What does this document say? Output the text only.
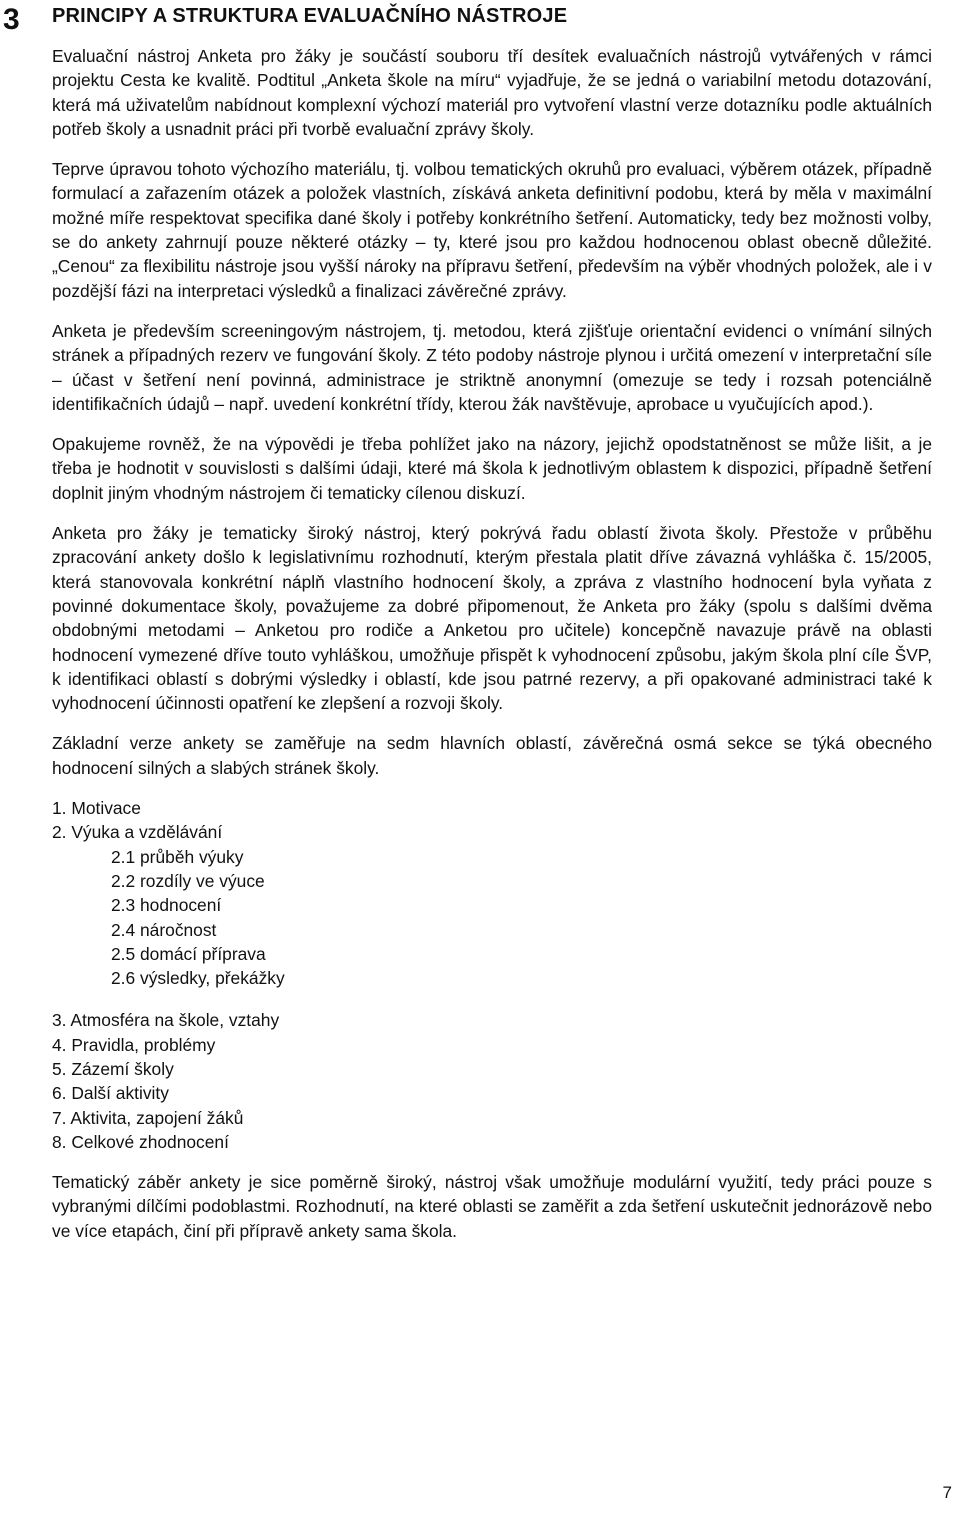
3 PRINCIPY A STRUKTURA EVALUAČNÍHO NÁSTROJE

Evaluační nástroj Anketa pro žáky je součástí souboru tří desítek evaluačních nástrojů vytvářených v rámci projektu Cesta ke kvalitě. Podtitul „Anketa škole na míru“ vyjadřuje, že se jedná o variabilní metodu dotazování, která má uživatelům nabídnout komplexní výchozí materiál pro vytvoření vlastní verze dotazníku podle aktuálních potřeb školy a usnadnit práci při tvorbě evaluační zprávy školy.

Teprve úpravou tohoto výchozího materiálu, tj. volbou tematických okruhů pro evaluaci, výběrem otázek, případně formulací a zařazením otázek a položek vlastních, získává anketa definitivní podobu, která by měla v maximální možné míře respektovat specifika dané školy i potřeby konkrétního šetření. Automaticky, tedy bez možnosti volby, se do ankety zahrnují pouze některé otázky – ty, které jsou pro každou hodnocenou oblast obecně důležité. „Cenou“ za flexibilitu nástroje jsou vyšší nároky na přípravu šetření, především na výběr vhodných položek, ale i v pozdější fázi na interpretaci výsledků a finalizaci závěrečné zprávy.

Anketa je především screeningovým nástrojem, tj. metodou, která zjišťuje orientační evidenci o vnímání silných stránek a případných rezerv ve fungování školy. Z této podoby nástroje plynou i určitá omezení v interpretační síle – účast v šetření není povinná, administrace je striktně anonymní (omezuje se tedy i rozsah potenciálně identifikačních údajů – např. uvedení konkrétní třídy, kterou žák navštěvuje, aprobace u vyučujících apod.).

Opakujeme rovněž, že na výpovědi je třeba pohlížet jako na názory, jejichž opodstatněnost se může lišit, a je třeba je hodnotit v souvislosti s dalšími údaji, které má škola k jednotlivým oblastem k dispozici, případně šetření doplnit jiným vhodným nástrojem či tematicky cílenou diskuzí.

Anketa pro žáky je tematicky široký nástroj, který pokrývá řadu oblastí života školy. Přestože v průběhu zpracování ankety došlo k legislativnímu rozhodnutí, kterým přestala platit dříve závazná vyhláška č. 15/2005, která stanovovala konkrétní náplň vlastního hodnocení školy, a zpráva z vlastního hodnocení byla vyňata z povinné dokumentace školy, považujeme za dobré připomenout, že Anketa pro žáky (spolu s dalšími dvěma obdobnými metodami – Anketou pro rodiče a Anketou pro učitele) koncepčně navazuje právě na oblasti hodnocení vymezené dříve touto vyhláškou, umožňuje přispět k vyhodnocení způsobu, jakým škola plní cíle ŠVP, k identifikaci oblastí s dobrými výsledky i oblastí, kde jsou patrné rezervy, a při opakované administraci také k vyhodnocení účinnosti opatření ke zlepšení a rozvoji školy.

Základní verze ankety se zaměřuje na sedm hlavních oblastí, závěrečná osmá sekce se týká obecného hodnocení silných a slabých stránek školy.

1. Motivace
2. Výuka a vzdělávání
2.1 průběh výuky
2.2 rozdíly ve výuce
2.3 hodnocení
2.4 náročnost
2.5 domácí příprava
2.6 výsledky, překážky
3. Atmosféra na škole, vztahy
4. Pravidla, problémy
5. Zázemí školy
6. Další aktivity
7. Aktivita, zapojení žáků
8. Celkové zhodnocení

Tematický záběr ankety je sice poměrně široký, nástroj však umožňuje modulární využití, tedy práci pouze s vybranými dílčími podoblastmi. Rozhodnutí, na které oblasti se zaměřit a zda šetření uskutečnit jednorázově nebo ve více etapách, činí při přípravě ankety sama škola.

7
